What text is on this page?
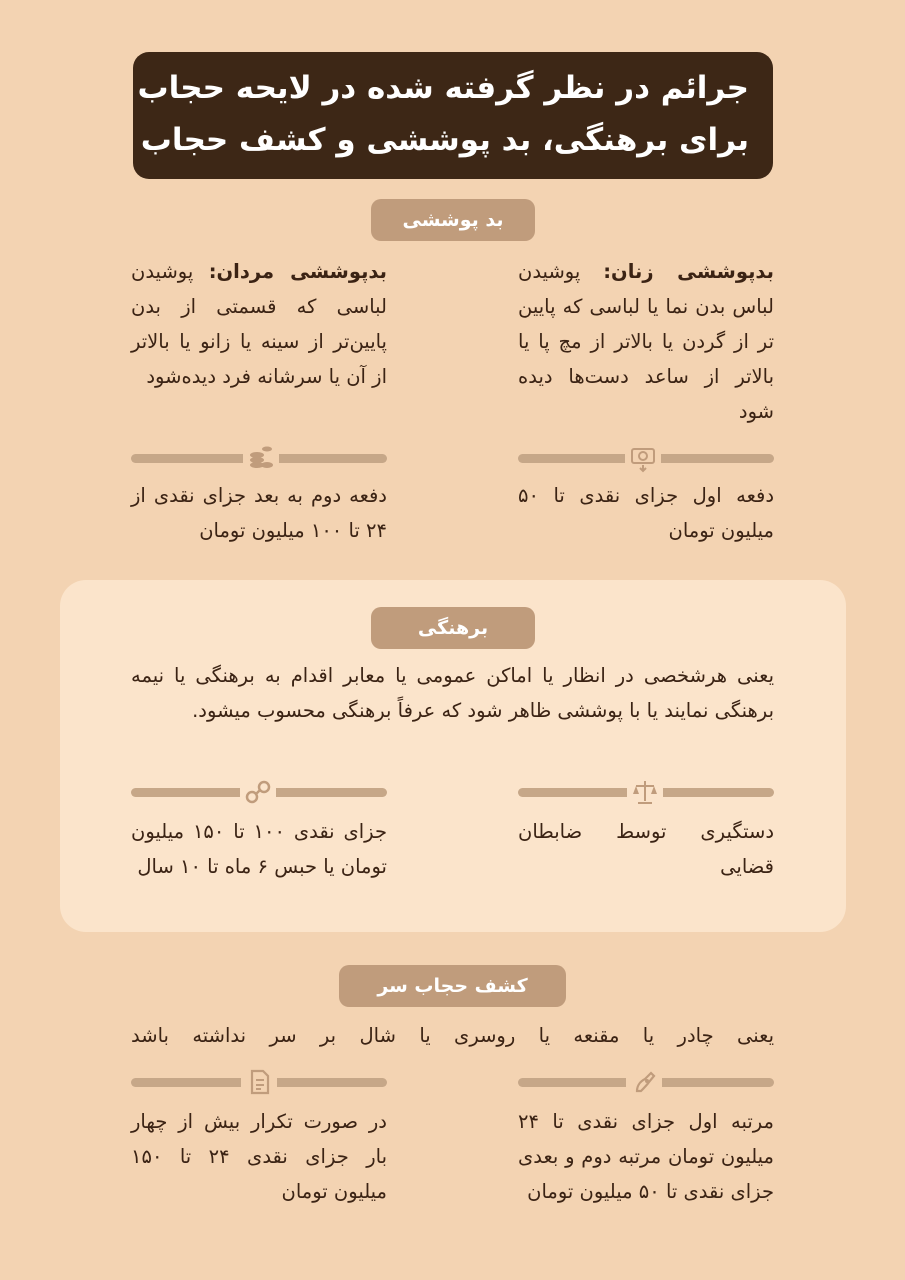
جرائم در نظر گرفته شده در لایحه حجاب
برای برهنگی، بد پوششی و کشف حجاب
بد پوششی
بدپوششی زنان: پوشیدن لباس بدن نما یا لباسی که پایین تر از گردن یا بالاتر از مچ پا یا بالاتر از ساعد دست‌ها دیده شود
بدپوششی مردان: پوشیدن لباسی که قسمتی از بدن پایین‌تر از سینه یا زانو یا بالاتر از آن یا سرشانه فرد دیده‌شود
دفعه اول جزای نقدی تا ۵۰ میلیون تومان
دفعه دوم به بعد جزای نقدی از ۲۴ تا ۱۰۰ میلیون تومان
برهنگی
یعنی هرشخصی در انظار یا اماکن عمومی یا معابر اقدام به برهنگی یا نیمه برهنگی نمایند یا با پوششی ظاهر شود که عرفاً برهنگی محسوب میشود.
دستگیری توسط ضابطان قضایی
جزای نقدی ۱۰۰ تا ۱۵۰ میلیون تومان یا حبس ۶ ماه تا ۱۰ سال
کشف حجاب سر
یعنی چادر یا مقنعه یا روسری یا شال بر سر نداشته باشد
مرتبه اول جزای نقدی تا ۲۴ میلیون تومان مرتبه دوم و بعدی جزای نقدی تا ۵۰ میلیون تومان
در صورت تکرار بیش از چهار بار جزای نقدی ۲۴ تا ۱۵۰ میلیون تومان
